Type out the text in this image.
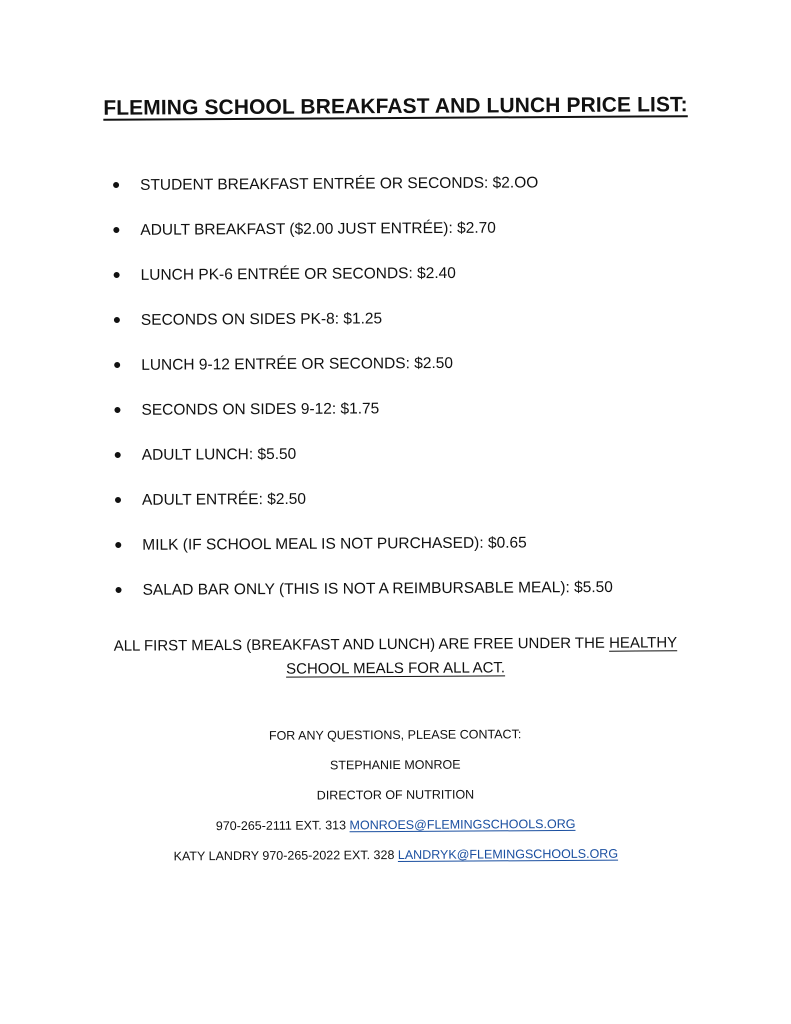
FLEMING SCHOOL BREAKFAST AND LUNCH PRICE LIST:
STUDENT BREAKFAST ENTRÉE OR SECONDS: $2.OO
ADULT BREAKFAST ($2.00 JUST ENTRÉE): $2.70
LUNCH PK-6 ENTRÉE OR SECONDS: $2.40
SECONDS ON SIDES PK-8: $1.25
LUNCH 9-12 ENTRÉE OR SECONDS: $2.50
SECONDS ON SIDES 9-12: $1.75
ADULT LUNCH: $5.50
ADULT ENTRÉE: $2.50
MILK (IF SCHOOL MEAL IS NOT PURCHASED): $0.65
SALAD BAR ONLY (THIS IS NOT A REIMBURSABLE MEAL): $5.50
ALL FIRST MEALS (BREAKFAST AND LUNCH) ARE FREE UNDER THE HEALTHY SCHOOL MEALS FOR ALL ACT.
FOR ANY QUESTIONS, PLEASE CONTACT:
STEPHANIE MONROE
DIRECTOR OF NUTRITION
970-265-2111 EXT. 313 MONROES@FLEMINGSCHOOLS.ORG
KATY LANDRY 970-265-2022 EXT. 328 LANDRYK@FLEMINGSCHOOLS.ORG
